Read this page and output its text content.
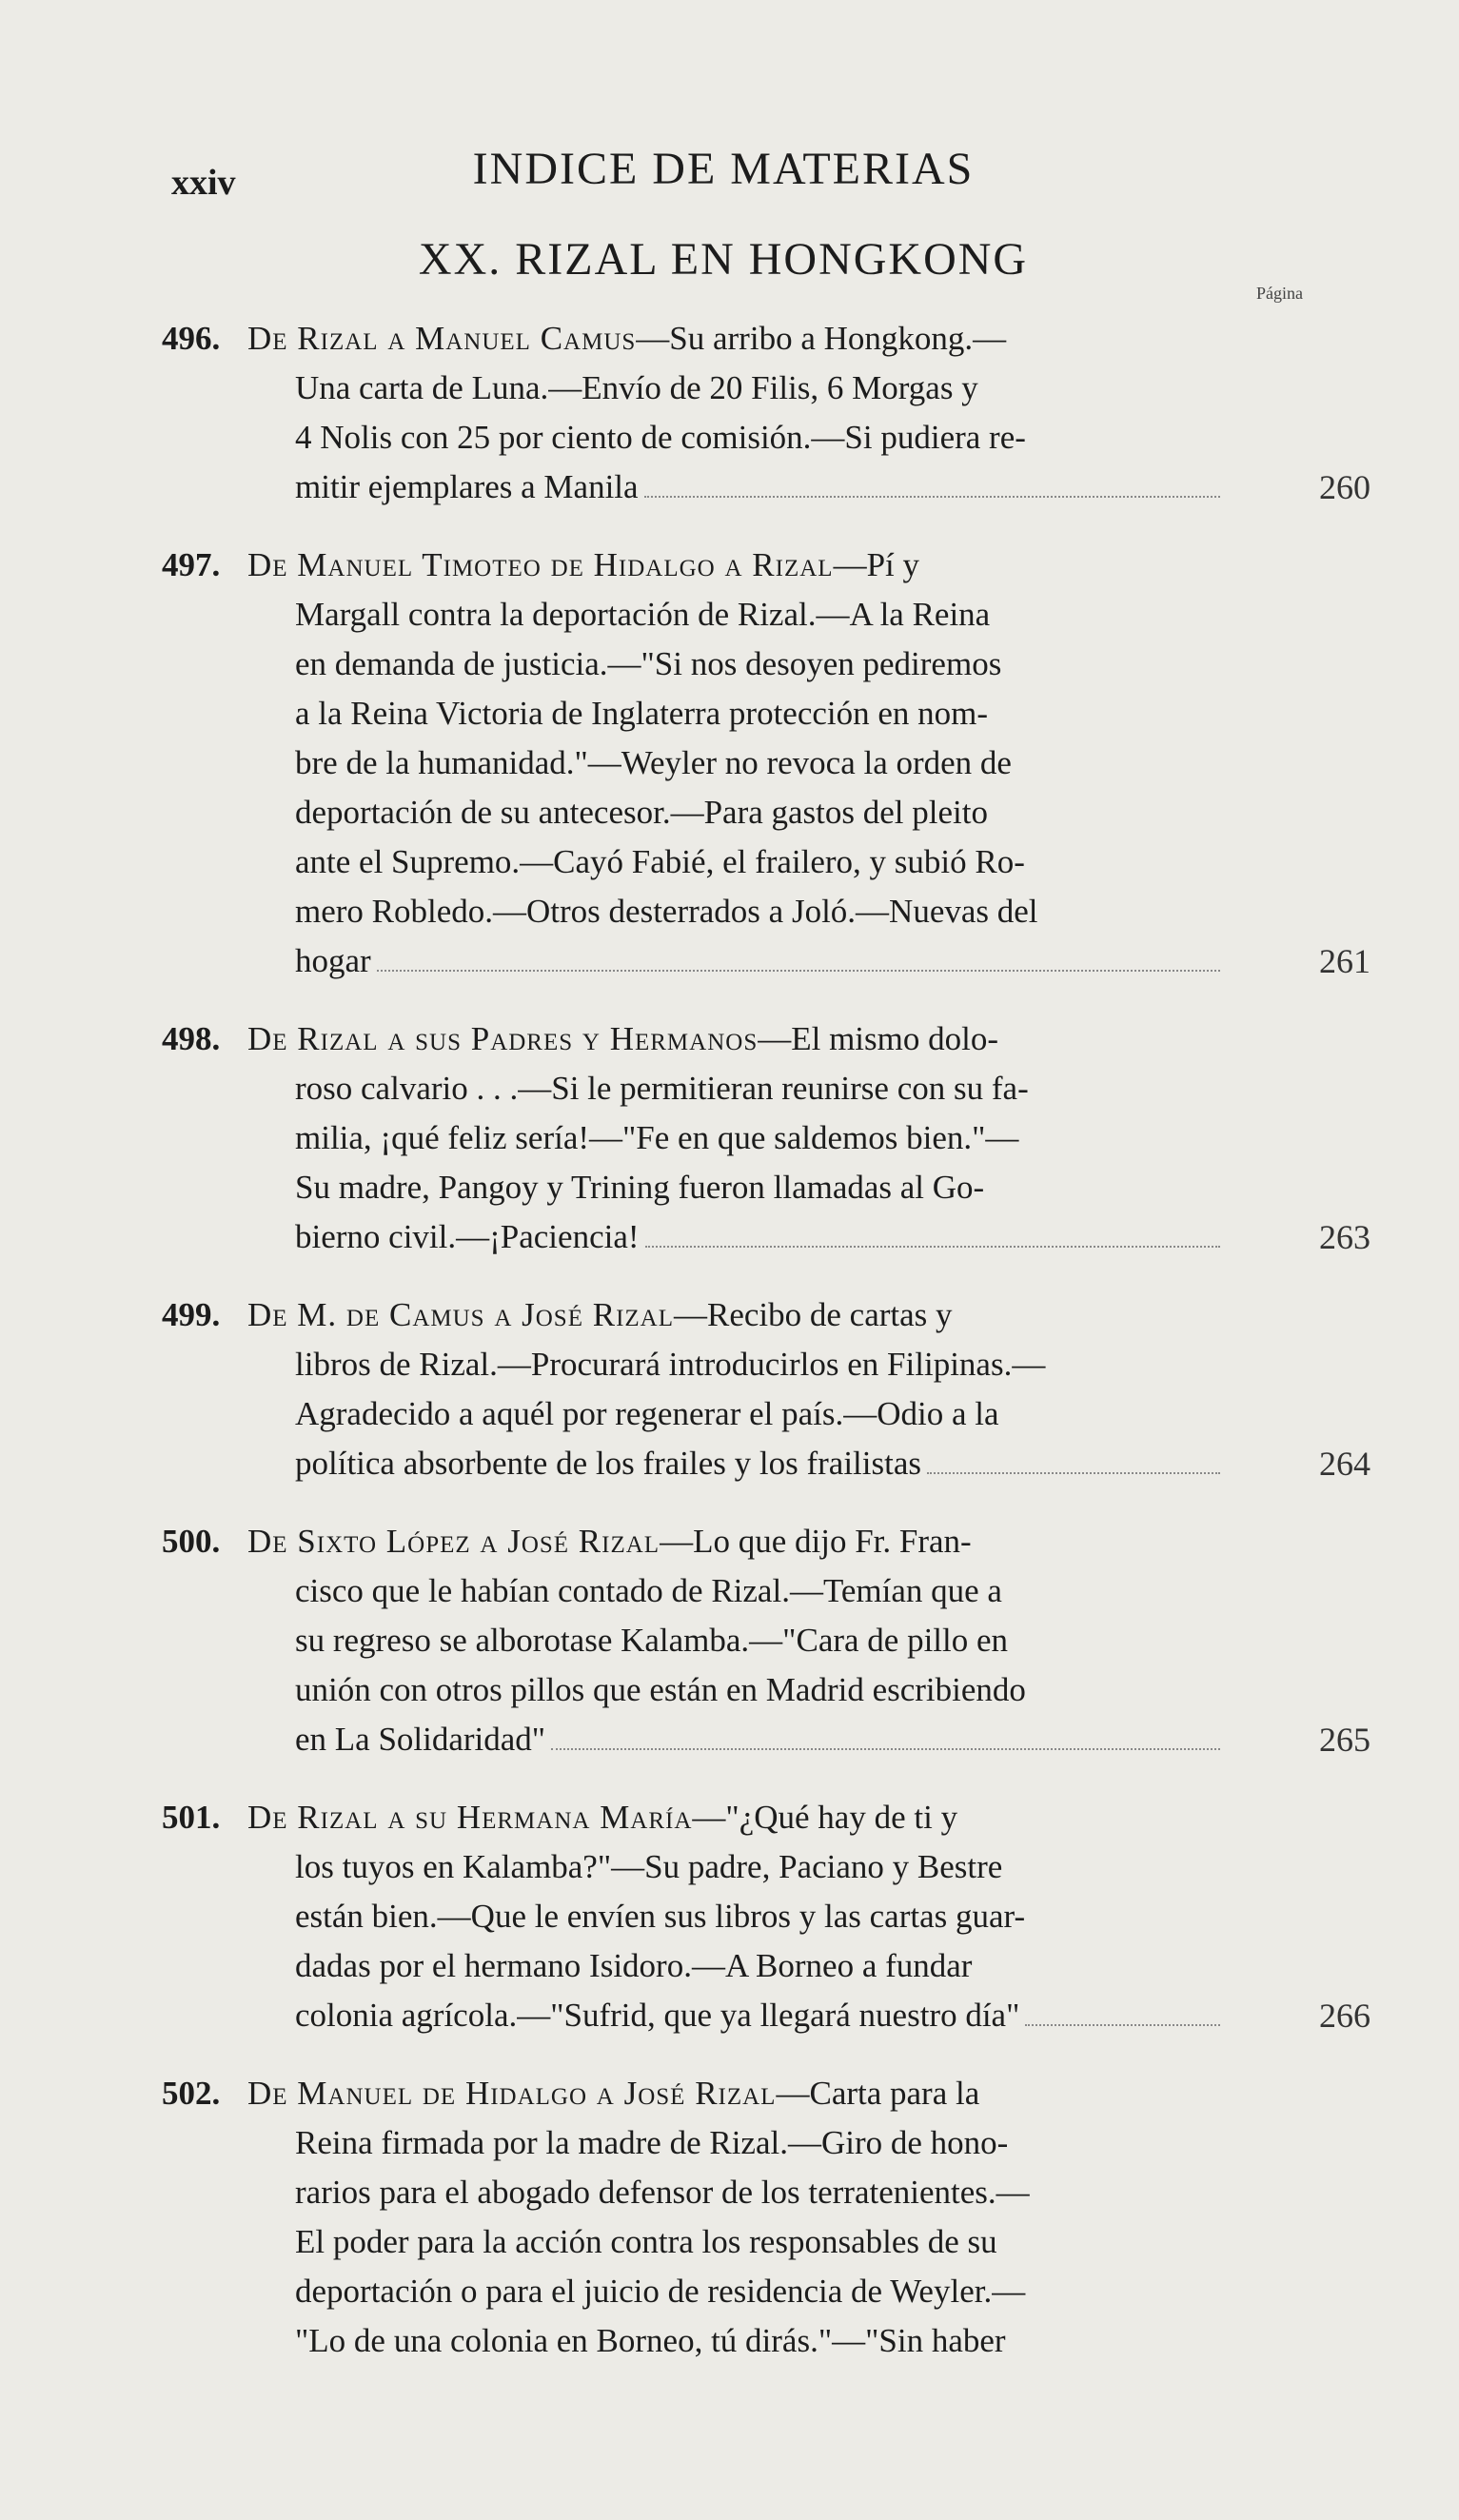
xxiv	INDICE DE MATERIAS
XX. RIZAL EN HONGKONG
Página
496. De Rizal a Manuel Camus—Su arribo a Hongkong.—
Una carta de Luna.—Envío de 20 Filis, 6 Morgas y
4 Nolis con 25 por ciento de comisión.—Si pudiera re-
mitir ejemplares a Manila	260
497. De Manuel Timoteo de Hidalgo a Rizal—Pí y
Margall contra la deportación de Rizal.—A la Reina
en demanda de justicia.—"Si nos desoyen pediremos
a la Reina Victoria de Inglaterra protección en nom-
bre de la humanidad."—Weyler no revoca la orden de
deportación de su antecesor.—Para gastos del pleito
ante el Supremo.—Cayó Fabié, el frailero, y subió Ro-
mero Robledo.—Otros desterrados a Joló.—Nuevas del
hogar	261
498. De Rizal a sus Padres y Hermanos—El mismo dolo-
roso calvario . . .—Si le permitieran reunirse con su fa-
milia, ¡qué feliz sería!—"Fe en que saldemos bien."—
Su madre, Pangoy y Trining fueron llamadas al Go-
bierno civil.—¡Paciencia!	263
499. De M. de Camus a José Rizal—Recibo de cartas y
libros de Rizal.—Procurará introducirlos en Filipinas.—
Agradecido a aquél por regenerar el país.—Odio a la
política absorbente de los frailes y los frailistas	264
500. De Sixto López a José Rizal—Lo que dijo Fr. Fran-
cisco que le habían contado de Rizal.—Temían que a
su regreso se alborotase Kalamba.—"Cara de pillo en
unión con otros pillos que están en Madrid escribiendo
en La Solidaridad"	265
501. De Rizal a su Hermana María—"¿Qué hay de ti y
los tuyos en Kalamba?"—Su padre, Paciano y Bestre
están bien.—Que le envíen sus libros y las cartas guar-
dadas por el hermano Isidoro.—A Borneo a fundar
colonia agrícola.—"Sufrid, que ya llegará nuestro día"	266
502. De Manuel de Hidalgo a José Rizal—Carta para la
Reina firmada por la madre de Rizal.—Giro de hono-
rarios para el abogado defensor de los terratenientes.—
El poder para la acción contra los responsables de su
deportación o para el juicio de residencia de Weyler.—
"Lo de una colonia en Borneo, tú dirás."—"Sin haber
